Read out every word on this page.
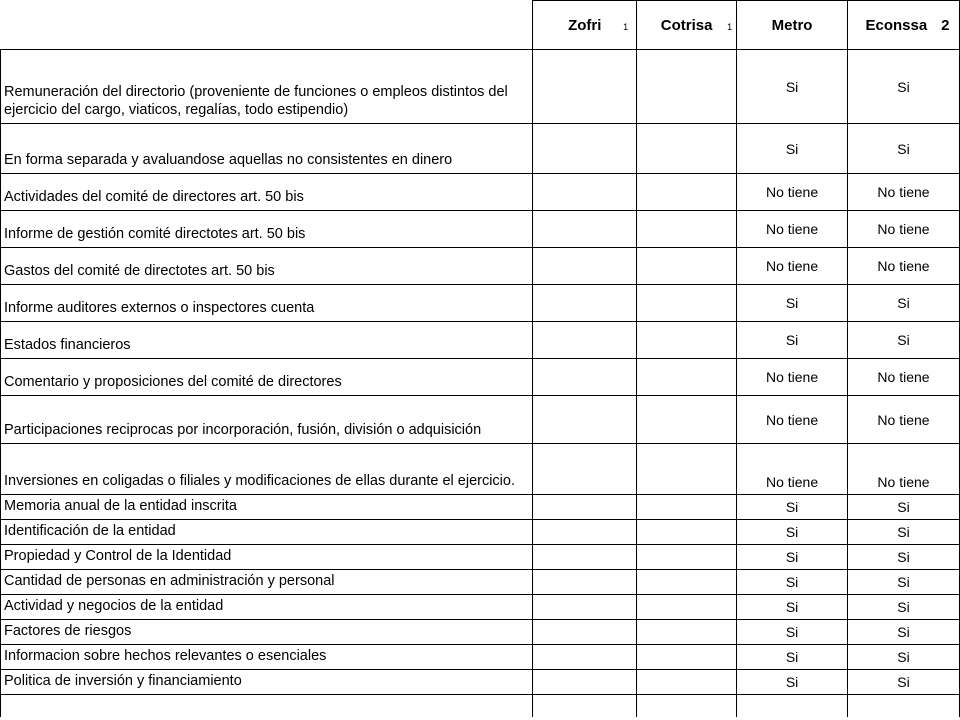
	Zofri 1	Cotrisa 1	Metro	Econssa 2
Remuneración del directorio (proveniente de funciones o empleos distintos del ejercicio del cargo, viaticos, regalías, todo estipendio)			Si	Si
En forma separada y avaluandose aquellas no consistentes en dinero			Si	Si
Actividades del comité de directores art. 50 bis			No tiene	No tiene
Informe de gestión comité directotes art. 50 bis			No tiene	No tiene
Gastos del comité de directotes art. 50 bis			No tiene	No tiene
Informe auditores externos o inspectores cuenta			Si	Si
Estados financieros			Si	Si
Comentario y proposiciones del comité de directores			No tiene	No tiene
Participaciones reciprocas por incorporación, fusión, división o adquisición			No tiene	No tiene
Inversiones en coligadas o filiales y modificaciones de ellas durante el ejercicio.			No tiene	No tiene
Memoria anual de la entidad inscrita			Si	Si
Identificación de la entidad			Si	Si
Propiedad y Control de la Identidad			Si	Si
Cantidad de personas en administración y personal			Si	Si
Actividad y negocios de la entidad			Si	Si
Factores de riesgos			Si	Si
Informacion sobre hechos relevantes o esenciales			Si	Si
Politica de inversión y financiamiento			Si	Si
